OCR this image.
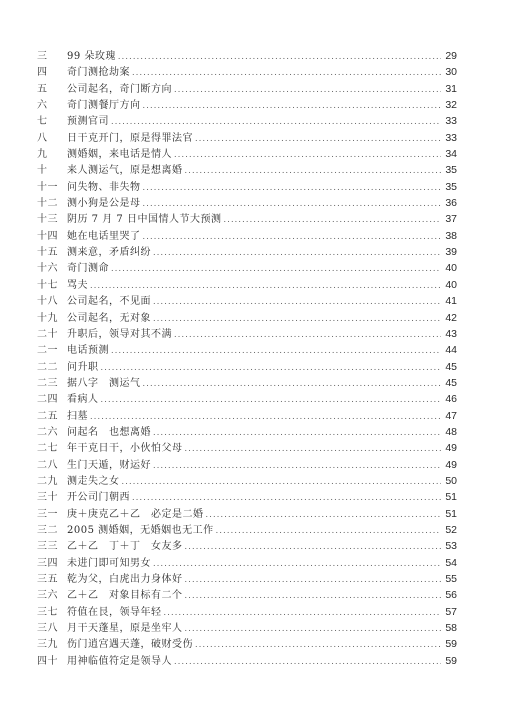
三	99 朵玫瑰 .....	29
四	奇门测抢劫案 .....	30
五	公司起名，奇门断方向 .....	31
六	奇门测餐厅方向 .....	32
七	预测官司 .....	33
八	日干克开门，原是得罪法官 .....	33
九	测婚姻，来电话是情人 .....	34
十	来人测运气，原是想离婚 .....	35
十一 问失物、非失物 .....	35
十二 测小狗是公是母 .....	36
十三 阴历 7 月 7 日中国情人节大预测 .....	37
十四 她在电话里哭了 .....	38
十五 测来意，矛盾纠纷 .....	39
十六 奇门测命 .....	40
十七 骂夫 .....	40
十八 公司起名，不见面 .....	41
十九 公司起名，无对象 .....	42
二十 升职后，领导对其不满 .....	43
二一 电话预测 .....	44
二二 问升职 .....	45
二三 据八字　测运气 .....	45
二四 看病人 .....	46
二五 扫墓 .....	47
二六 问起名　也想离婚 .....	48
二七 年干克日干，小伙怕父母 .....	49
二八 生门天遁，财运好 .....	49
二九 测走失之女 .....	50
三十 开公司门朝西 .....	51
三一 庚＋庚克乙＋乙　必定是二婚 .....	51
三二 2005 测婚姻，无婚姻也无工作 .....	52
三三 乙＋乙　丁＋丁　女友多 .....	53
三四 未进门即可知男女 .....	54
三五 乾为父，白虎出力身体好 .....	55
三六 乙＋乙　对象目标有二个 .....	56
三七 符值在艮，领导年轻 .....	57
三八 月干天蓬星，原是坐牢人 .....	58
三九 伤门逍宫遇天蓬，破财受伤 .....	59
四十 用神临值符定是领导人 .....	59
